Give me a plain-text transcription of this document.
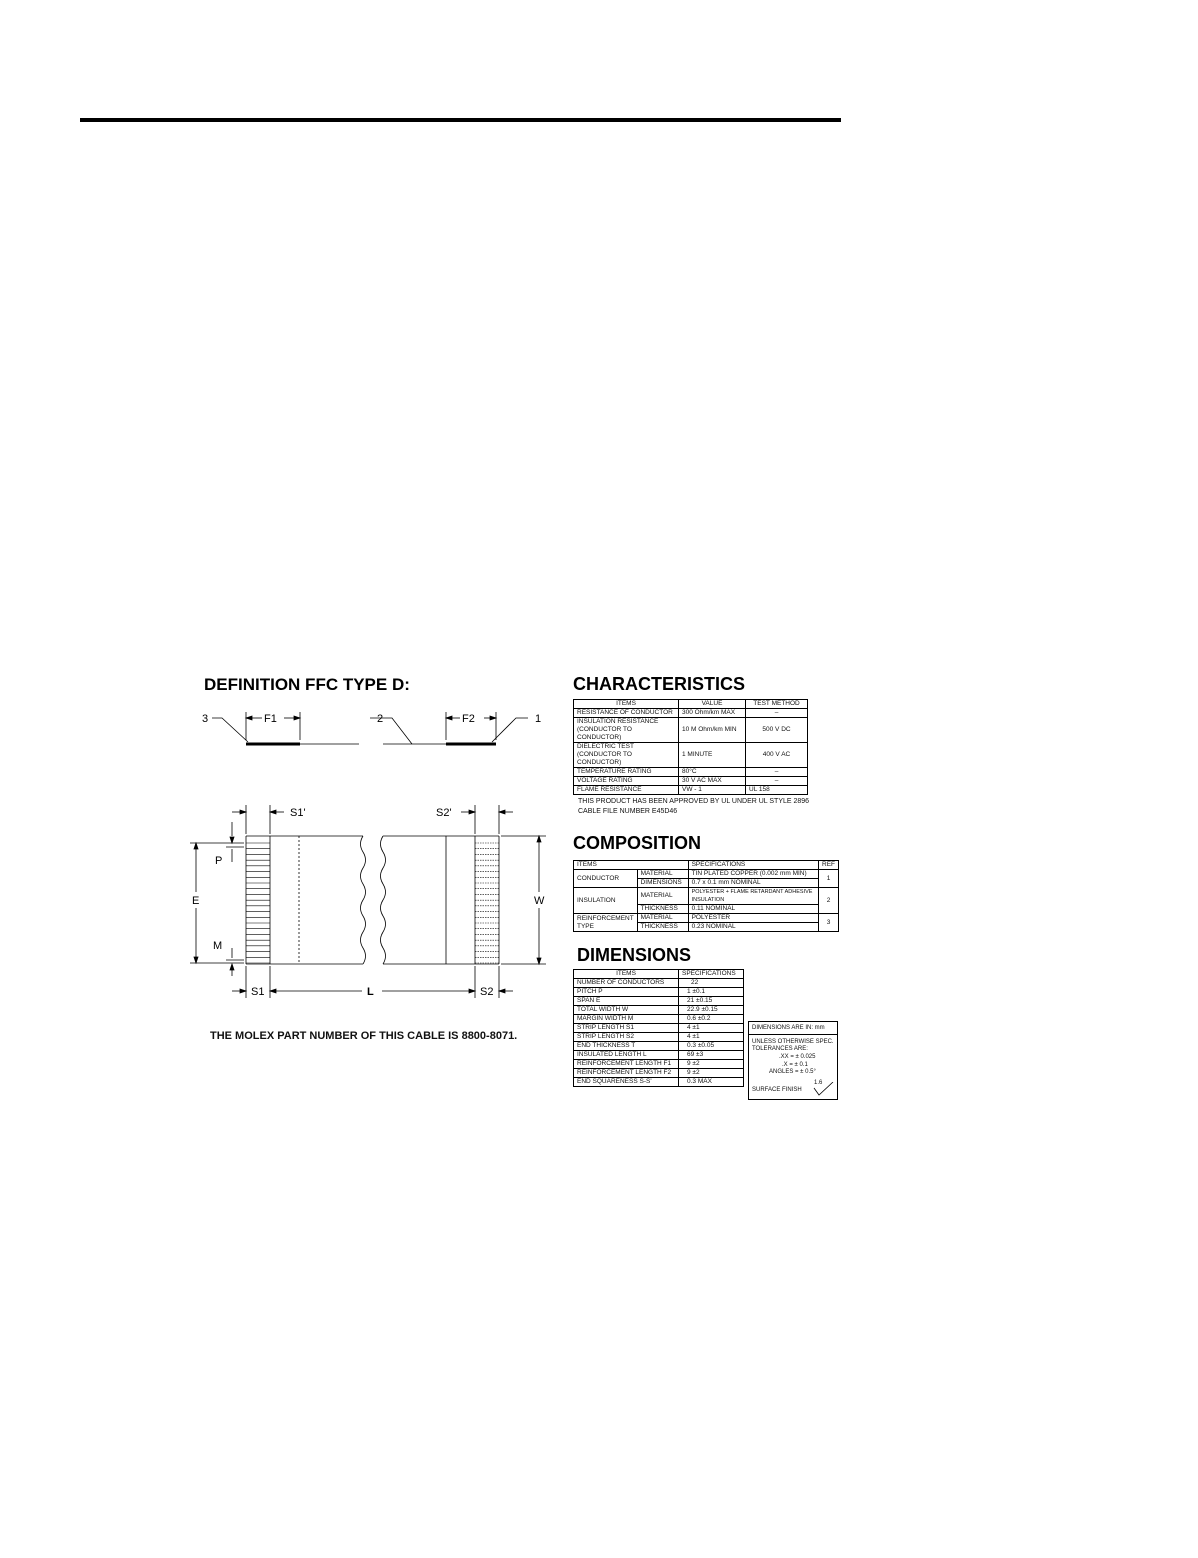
DEFINITION FFC TYPE D:	CHARACTERISTICS
COMPOSITION
DIMENSIONS
3	F1	2	F2	1
S1'	S2'
P
E
M
W
S1	L	S2
ITEMS	VALUE	TEST METHOD
RESISTANCE OF CONDUCTOR	300 Ohm/km MAX	–
INSULATION RESISTANCE (CONDUCTOR TO CONDUCTOR)	10 M Ohm/km MIN	500 V DC
DIELECTRIC TEST (CONDUCTOR TO CONDUCTOR)	1 MINUTE	400 V AC
TEMPERATURE RATING	80°C	–
VOLTAGE RATING	30 V AC MAX	–
FLAME RESISTANCE	VW - 1	UL 158
THIS PRODUCT HAS BEEN APPROVED BY UL UNDER UL STYLE 2896
CABLE FILE NUMBER E45D46
ITEMS		SPECIFICATIONS	REF
CONDUCTOR	MATERIAL	TIN PLATED COPPER (0.002 mm MIN)	1
	DIMENSIONS	0.7 x 0.1 mm NOMINAL	
INSULATION	MATERIAL	POLYESTER + FLAME RETARDANT ADHESIVE INSULATION	2
	THICKNESS	0.11 NOMINAL	
REINFORCEMENT TYPE	MATERIAL	POLYESTER	3
	THICKNESS	0.23 NOMINAL	
ITEMS	SPECIFICATIONS
NUMBER OF CONDUCTORS	22
PITCH P	1 ±0.1
SPAN E	21 ±0.15
TOTAL WIDTH W	22.9 ±0.15
MARGIN WIDTH M	0.6 ±0.2
STRIP LENGTH S1	4 ±1
STRIP LENGTH S2	4 ±1
END THICKNESS T	0.3 ±0.05
INSULATED LENGTH L	69 ±3
REINFORCEMENT LENGTH F1	9 ±2
REINFORCEMENT LENGTH F2	9 ±2
END SQUARENESS S-S'	0.3 MAX
DIMENSIONS ARE IN: mm
UNLESS OTHERWISE SPEC.
TOLERANCES ARE:
.XX = ± 0.025
.X = ± 0.1
ANGLES = ± 0.5°
SURFACE FINISH
1.6
THE MOLEX PART NUMBER OF THIS CABLE IS 8800-8071.
